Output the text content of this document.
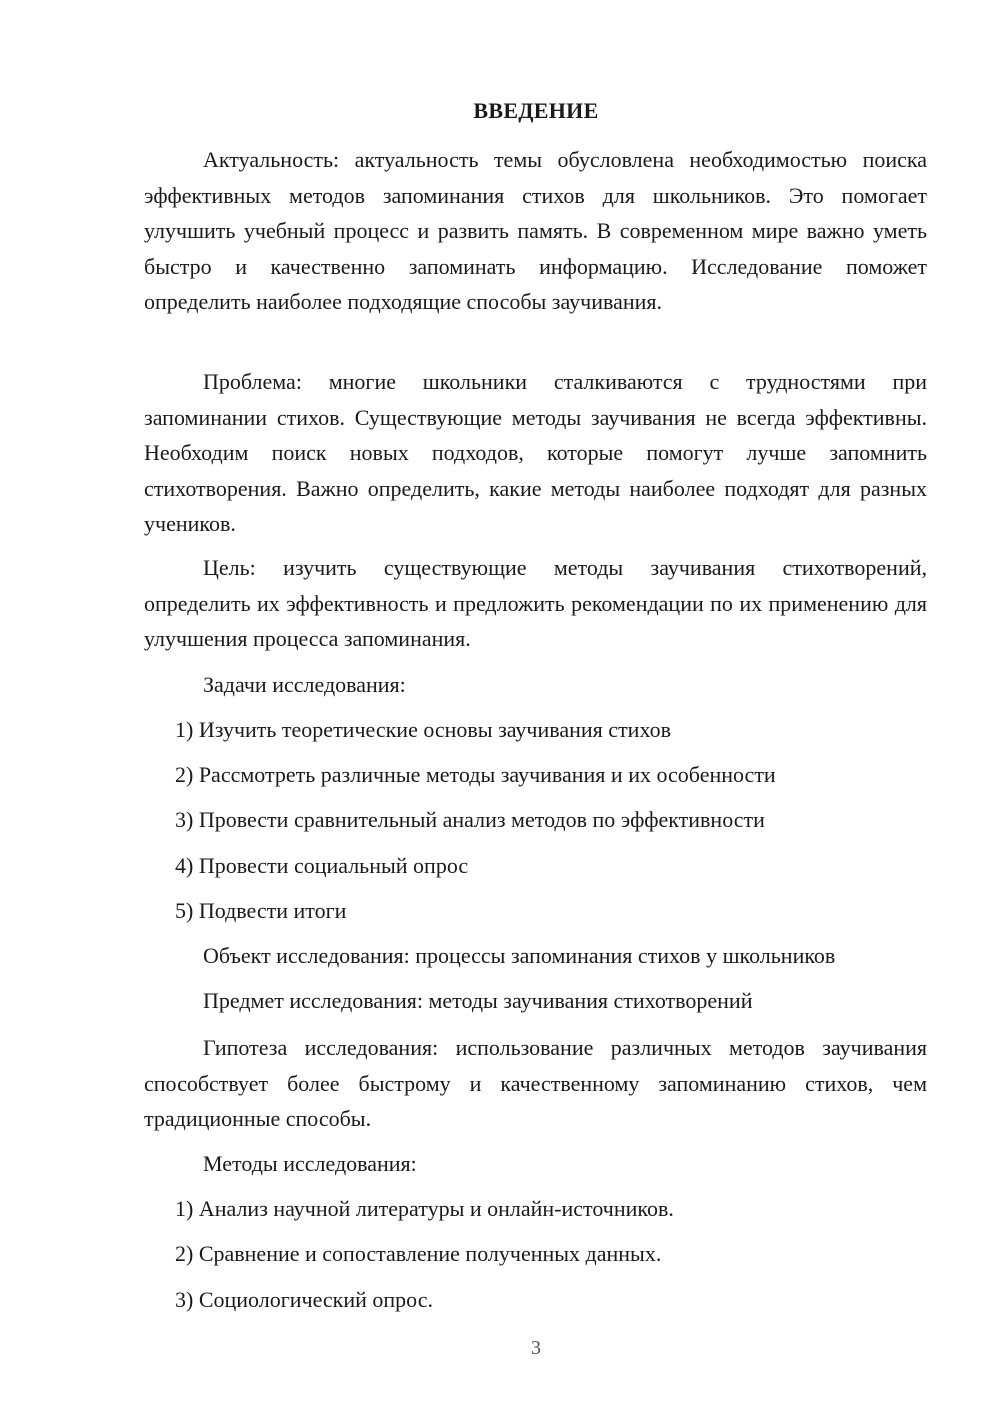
ВВЕДЕНИЕ
Актуальность: актуальность темы обусловлена необходимостью поиска эффективных методов запоминания стихов для школьников. Это помогает улучшить учебный процесс и развить память. В современном мире важно уметь быстро и качественно запоминать информацию. Исследование поможет определить наиболее подходящие способы заучивания.
Проблема: многие школьники сталкиваются с трудностями при запоминании стихов. Существующие методы заучивания не всегда эффективны. Необходим поиск новых подходов, которые помогут лучше запомнить стихотворения. Важно определить, какие методы наиболее подходят для разных учеников.
Цель: изучить существующие методы заучивания стихотворений, определить их эффективность и предложить рекомендации по их применению для улучшения процесса запоминания.
Задачи исследования:
1) Изучить теоретические основы заучивания стихов
2) Рассмотреть различные методы заучивания и их особенности
3) Провести сравнительный анализ методов по эффективности
4) Провести социальный опрос
5) Подвести итоги
Объект исследования: процессы запоминания стихов у школьников
Предмет исследования: методы заучивания стихотворений
Гипотеза исследования: использование различных методов заучивания способствует более быстрому и качественному запоминанию стихов, чем традиционные способы.
Методы исследования:
1) Анализ научной литературы и онлайн-источников.
2) Сравнение и сопоставление полученных данных.
3) Социологический опрос.
3
